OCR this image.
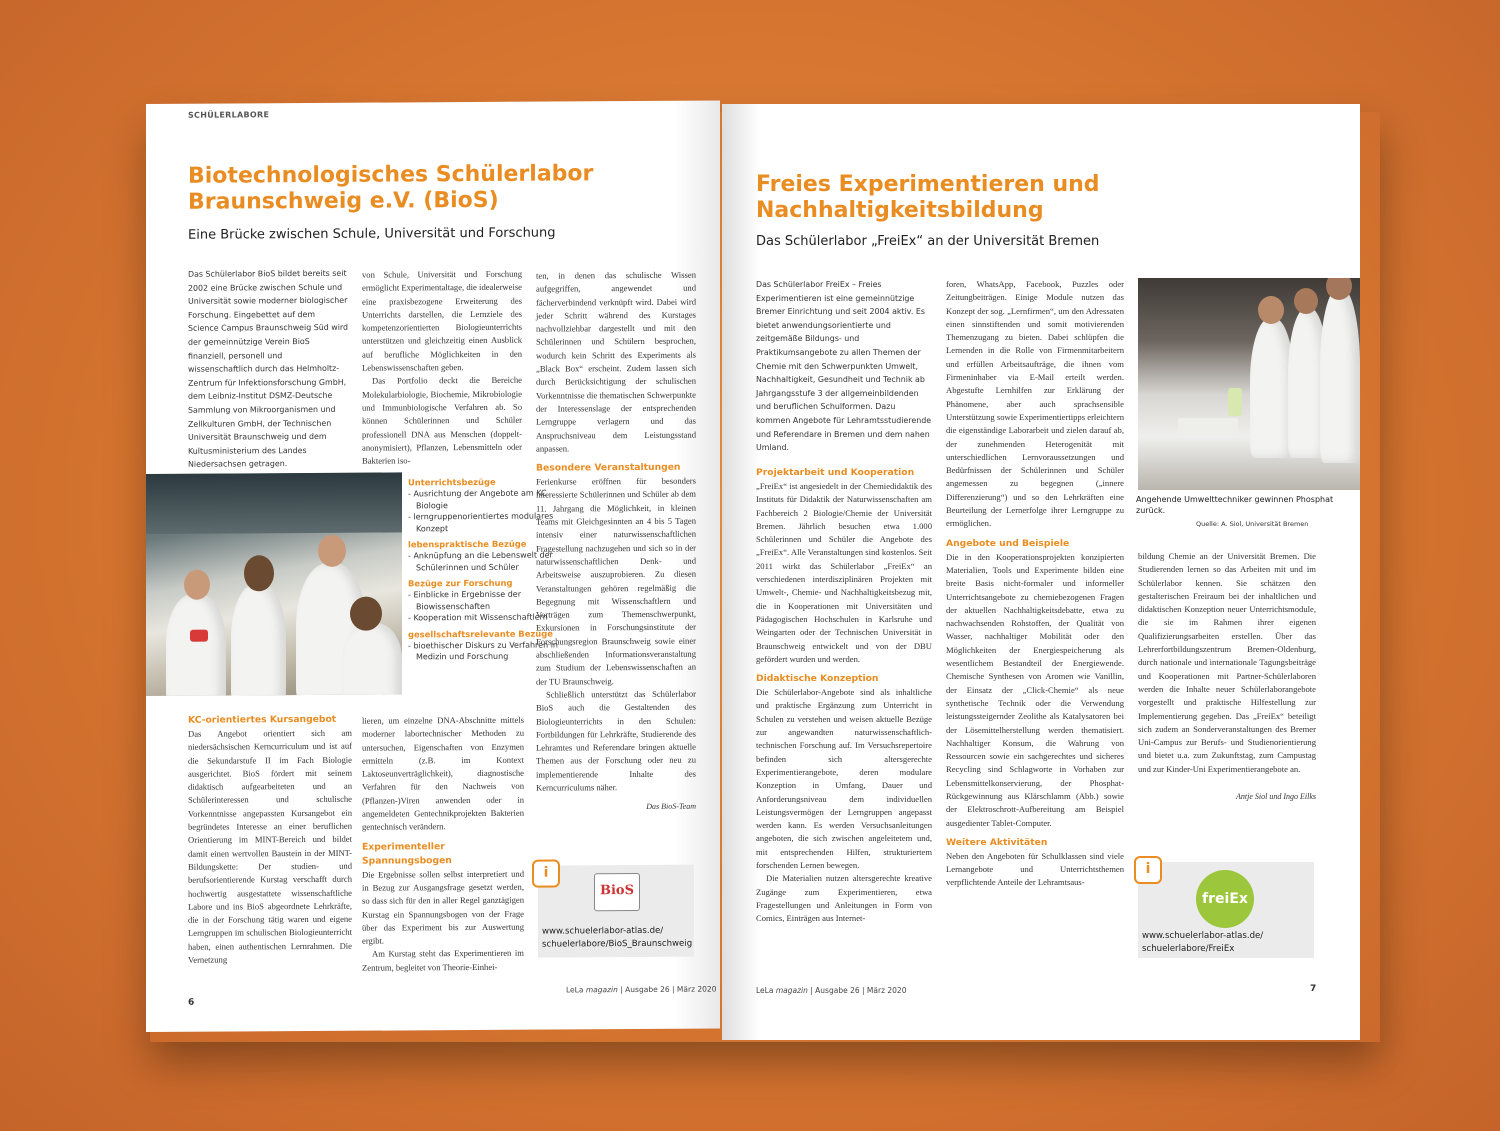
SCHÜLERLABORE
Biotechnologisches Schülerlabor
Braunschweig e.V. (BioS)
Eine Brücke zwischen Schule, Universität und Forschung
Das Schülerlabor BioS bildet bereits seit 2002 eine Brücke zwischen Schule und Universität sowie moderner biologischer Forschung. Eingebettet auf dem Science Campus Braunschweig Süd wird der gemeinnützige Verein BioS finanziell, personell und wissenschaftlich durch das Helmholtz-Zentrum für Infektionsforschung GmbH, dem Leibniz-Institut DSMZ-Deutsche Sammlung von Mikroorganismen und Zellkulturen GmbH, der Technischen Universität Braunschweig und dem Kultusministerium des Landes Niedersachsen getragen.

von Schule, Universität und Forschung ermöglicht Experimentaltage, die idealerweise eine praxisbezogene Erweiterung des Unterrichts darstellen, die Lernziele des kompetenzorientierten Biologieunterrichts unterstützen und gleichzeitig einen Ausblick auf berufliche Möglichkeiten in den Lebenswissenschaften geben.

Das Portfolio deckt die Bereiche Molekularbiologie, Biochemie, Mikrobiologie und Immunbiologische Verfahren ab. So können Schülerinnen und Schüler professionell DNA aus Menschen (doppelt-anonymisiert), Pflanzen, Lebensmitteln oder Bakterien iso-

ten, in denen das schulische Wissen aufgegriffen, angewendet und fächerverbindend verknüpft wird. Dabei wird jeder Schritt während des Kurstages nachvollziehbar dargestellt und mit den Schülerinnen und Schülern besprochen, wodurch kein Schritt des Experiments als „Black Box“ erscheint. Zudem lassen sich durch Berücksichtigung der schulischen Vorkenntnisse die thematischen Schwerpunkte der Interessenslage der entsprechenden Lerngruppe verlagern und das Anspruchsniveau dem Leistungsstand anpassen.

Besondere Veranstaltungen

Ferienkurse eröffnen für besonders interessierte Schülerinnen und Schüler ab dem 11. Jahrgang die Möglichkeit, in kleinen Teams mit Gleichgesinnten an 4 bis 5 Tagen intensiv einer naturwissenschaftlichen Fragestellung nachzugehen und sich so in der naturwissenschaftlichen Denk- und Arbeitsweise auszuprobieren. Zu diesen Veranstaltungen gehören regelmäßig die Begegnung mit Wissenschaftlern und Vorträgen zum Themenschwerpunkt, Exkursionen in Forschungsinstitute der Forschungsregion Braunschweig sowie einer abschließenden Informationsveranstaltung zum Studium der Lebenswissenschaften an der TU Braunschweig.

Schließlich unterstützt das Schülerlabor BioS auch die Gestaltenden des Biologieunterrichts in den Schulen: Fortbildungen für Lehrkräfte, Studierende des Lehramtes und Referendare bringen aktuelle Themen aus der Forschung oder neu zu implementierende Inhalte des Kerncurriculums näher.

Das BioS-Team

Unterrichtsbezüge
- Ausrichtung der Angebote am KC Biologie
- lerngruppenorientiertes modulares Konzept
lebenspraktische Bezüge
- Anknüpfung an die Lebenswelt der Schülerinnen und Schüler
Bezüge zur Forschung
- Einblicke in Ergebnisse der Biowissenschaften
- Kooperation mit Wissenschaftlern
gesellschaftsrelevante Bezüge
- bioethischer Diskurs zu Verfahren in Medizin und Forschung
KC-orientiertes Kursangebot

Das Angebot orientiert sich am niedersächsischen Kerncurriculum und ist auf die Sekundarstufe II im Fach Biologie ausgerichtet. BioS fördert mit seinem didaktisch aufgearbeiteten und an Schülerinteressen und schulische Vorkenntnisse angepassten Kursangebot ein begründetes Interesse an einer beruflichen Orientierung im MINT-Bereich und bildet damit einen wertvollen Baustein in der MINT-Bildungskette: Der studien- und berufsorientierende Kurstag verschafft durch hochwertig ausgestattete wissenschaftliche Labore und ins BioS abgeordnete Lehrkräfte, die in der Forschung tätig waren und eigene Lerngruppen im schulischen Biologieunterricht haben, einen authentischen Lernrahmen. Die Vernetzung

lieren, um einzelne DNA-Abschnitte mittels moderner labortechnischer Methoden zu untersuchen, Eigenschaften von Enzymen ermitteln (z.B. im Kontext Laktoseunverträglichkeit), diagnostische Verfahren für den Nachweis von (Pflanzen-)Viren anwenden oder in angemeldeten Gentechnikprojekten Bakterien gentechnisch verändern.

Experimenteller Spannungsbogen

Die Ergebnisse sollen selbst interpretiert und in Bezug zur Ausgangsfrage gesetzt werden, so dass sich für den in aller Regel ganztägigen Kurstag ein Spannungsbogen von der Frage über das Experiment bis zur Auswertung ergibt.

Am Kurstag steht das Experimentieren im Zentrum, begleitet von Theorie-Einhei-

BioS
www.schuelerlabor-atlas.de/
schuelerlabore/BioS_Braunschweig
i
6
LeLa magazin | Ausgabe 26 | März 2020
Freies Experimentieren und
Nachhaltigkeitsbildung
Das Schülerlabor „FreiEx“ an der Universität Bremen
Das Schülerlabor FreiEx – Freies Experimentieren ist eine gemeinnützige Bremer Einrichtung und seit 2004 aktiv. Es bietet anwendungsorientierte und zeitgemäße Bildungs- und Praktikumsangebote zu allen Themen der Chemie mit den Schwerpunkten Umwelt, Nachhaltigkeit, Gesundheit und Technik ab Jahrgangsstufe 3 der allgemeinbildenden und beruflichen Schulformen. Dazu kommen Angebote für Lehramtsstudierende und Referendare in Bremen und dem nahen Umland.
Projektarbeit und Kooperation

„FreiEx“ ist angesiedelt in der Chemiedidaktik des Instituts für Didaktik der Naturwissenschaften am Fachbereich 2 Biologie/Chemie der Universität Bremen. Jährlich besuchen etwa 1.000 Schülerinnen und Schüler die Angebote des „FreiEx“. Alle Veranstaltungen sind kostenlos. Seit 2011 wirkt das Schülerlabor „FreiEx“ an verschiedenen interdisziplinären Projekten mit Umwelt-, Chemie- und Nachhaltigkeitsbezug mit, die in Kooperationen mit Universitäten und Pädagogischen Hochschulen in Karlsruhe und Weingarten oder der Technischen Universität in Braunschweig entwickelt und von der DBU gefördert wurden und werden.

Didaktische Konzeption

Die Schülerlabor-Angebote sind als inhaltliche und praktische Ergänzung zum Unterricht in Schulen zu verstehen und weisen aktuelle Bezüge zur angewandten naturwissenschaftlich-technischen Forschung auf. Im Versuchsrepertoire befinden sich altersgerechte Experimentierangebote, deren modulare Konzeption in Umfang, Dauer und Anforderungsniveau dem individuellen Leistungsvermögen der Lerngruppen angepasst werden kann. Es werden Versuchsanleitungen angeboten, die sich zwischen angeleitetem und, mit entsprechenden Hilfen, strukturiertem forschenden Lernen bewegen.

Die Materialien nutzen altersgerechte kreative Zugänge zum Experimentieren, etwa Fragestellungen und Anleitungen in Form von Comics, Einträgen aus Internet-

foren, WhatsApp, Facebook, Puzzles oder Zeitungbeiträgen. Einige Module nutzen das Konzept der sog. „Lernfirmen“, um den Adressaten einen sinnstiftenden und somit motivierenden Themenzugang zu bieten. Dabei schlüpfen die Lernenden in die Rolle von Firmenmitarbeitern und erfüllen Arbeitsaufträge, die ihnen vom Firmeninhaber via E-Mail erteilt werden. Abgestufte Lernhilfen zur Erklärung der Phänomene, aber auch sprachsensible Unterstützung sowie Experimentiertipps erleichtern die eigenständige Laborarbeit und zielen darauf ab, der zunehmenden Heterogenität mit unterschiedlichen Lernvoraussetzungen und Bedürfnissen der Schülerinnen und Schüler angemessen zu begegnen („innere Differenzierung“) und so den Lehrkräften eine Beurteilung der Lernerfolge ihrer Lerngruppe zu ermöglichen.

Angebote und Beispiele

Die in den Kooperationsprojekten konzipierten Materialien, Tools und Experimente bilden eine breite Basis nicht-formaler und informeller Unterrichtsangebote zu chemiebezogenen Fragen der aktuellen Nachhaltigkeitsdebatte, etwa zu nachwachsenden Rohstoffen, der Qualität von Wasser, nachhaltiger Mobilität oder den Möglichkeiten der Energiespeicherung als wesentlichem Bestandteil der Energiewende. Chemische Synthesen von Aromen wie Vanillin, der Einsatz der „Click-Chemie“ als neue synthetische Technik oder die Verwendung leistungssteigernder Zeolithe als Katalysatoren bei der Lösemittelherstellung werden thematisiert. Nachhaltiger Konsum, die Wahrung von Ressourcen sowie ein sachgerechtes und sicheres Recycling sind Schlagworte in Vorhaben zur Lebensmittelkonservierung, der Phosphat-Rückgewinnung aus Klärschlamm (Abb.) sowie der Elektroschrott-Aufbereitung am Beispiel ausgedienter Tablet-Computer.

Weitere Aktivitäten

Neben den Angeboten für Schulklassen sind viele Lernangebote und Unterrichtsthemen verpflichtende Anteile der Lehramtsaus-

Angehende Umwelttechniker gewinnen Phosphat zurück.
Quelle: A. Siol, Universität Bremen

bildung Chemie an der Universität Bremen. Die Studierenden lernen so das Arbeiten mit und im Schülerlabor kennen. Sie schätzen den gestalterischen Freiraum bei der inhaltlichen und didaktischen Konzeption neuer Unterrichtsmodule, die sie im Rahmen ihrer eigenen Qualifizierungsarbeiten erstellen. Über das Lehrerfortbildungszentrum Bremen-Oldenburg, durch nationale und internationale Tagungsbeiträge und Kooperationen mit Partner-Schülerlaboren werden die Inhalte neuer Schülerlaborangebote vorgestellt und praktische Hilfestellung zur Implementierung gegeben. Das „FreiEx“ beteiligt sich zudem an Sonderveranstaltungen des Bremer Uni-Campus zur Berufs- und Studienorientierung und bietet u.a. zum Zukunftstag, zum Campustag und zur Kinder-Uni Experimentierangebote an.

Antje Siol und Ingo Eilks

freiEx
www.schuelerlabor-atlas.de/
schuelerlabore/FreiEx
i
LeLa magazin | Ausgabe 26 | März 2020	7
